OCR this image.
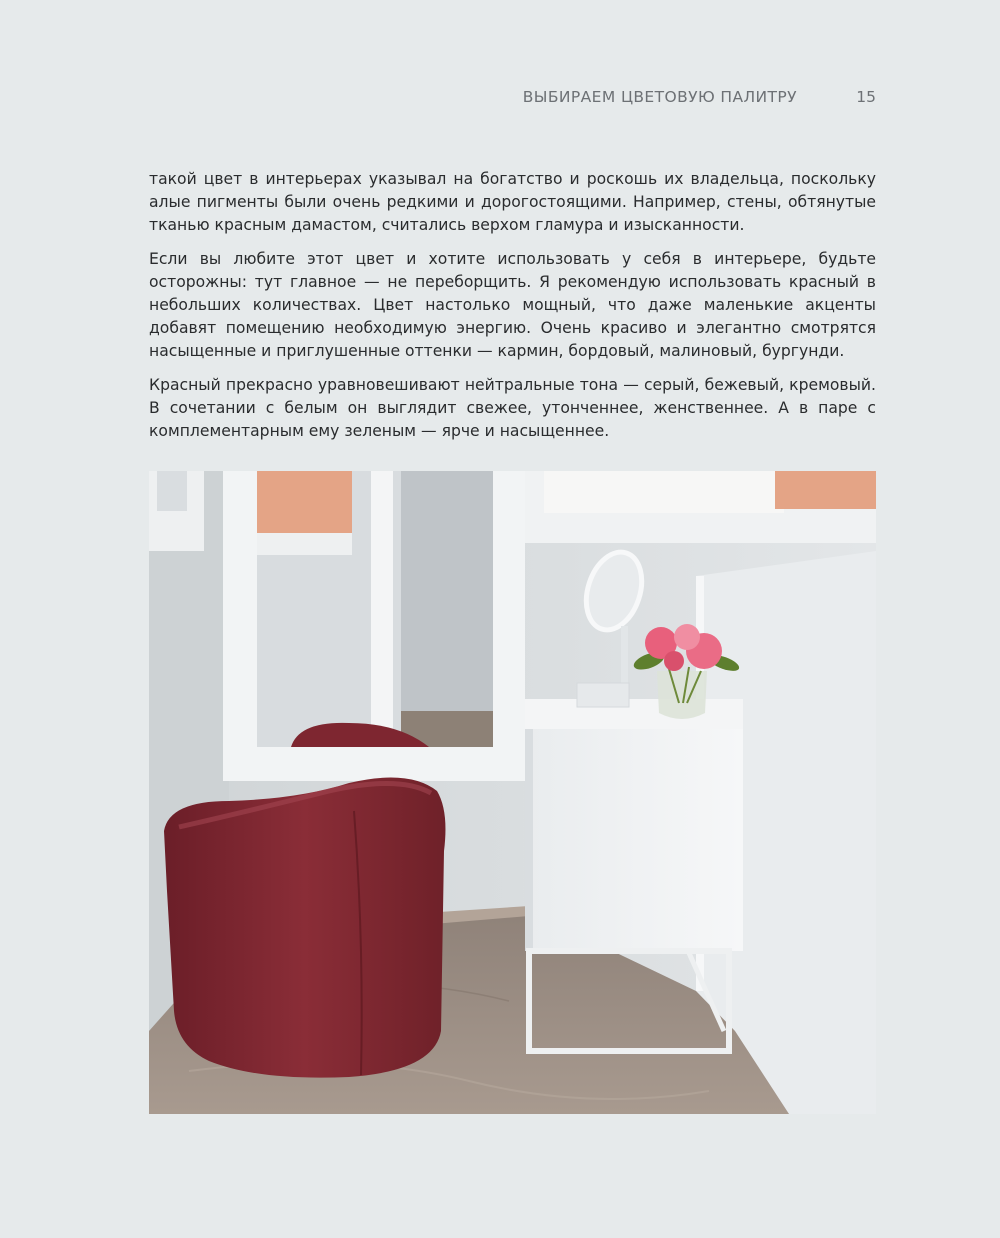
ВЫБИРАЕМ ЦВЕТОВУЮ ПАЛИТРУ	15

такой цвет в интерьерах указывал на богатство и роскошь их владельца, поскольку алые пигменты были очень редкими и дорогостоящими. Например, стены, обтянутые тканью красным дамастом, считались верхом гламура и изысканности.

Если вы любите этот цвет и хотите использовать у себя в интерьере, будьте осторожны: тут главное — не переборщить. Я рекомендую использовать красный в небольших количествах. Цвет настолько мощный, что даже маленькие акценты добавят помещению необходимую энергию. Очень красиво и элегантно смотрятся насыщенные и приглушенные оттенки — кармин, бордовый, малиновый, бургунди.

Красный прекрасно уравновешивают нейтральные тона — серый, бежевый, кремовый. В сочетании с белым он выглядит свежее, утонченнее, женственнее. А в паре с комплементарным ему зеленым — ярче и насыщеннее.
